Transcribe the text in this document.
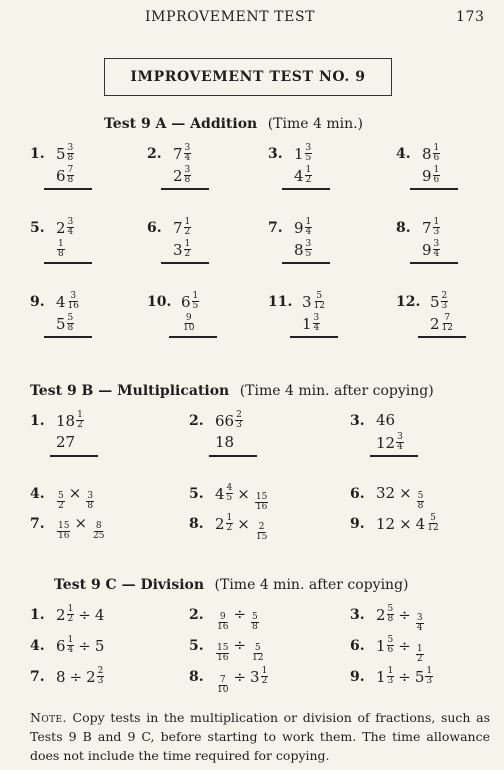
IMPROVEMENT TEST	173
IMPROVEMENT TEST NO. 9
Test 9 A — Addition (Time 4 min.)
Test 9 B — Multiplication (Time 4 min. after copying)
Test 9 C — Division (Time 4 min. after copying)
1. $5 \frac{3}{8}$
$6 \frac{7}{8}$
2. $7 \frac{3}{4}$
$2 \frac{3}{8}$
3. $1 \frac{3}{5}$
$4 \frac{1}{2}$
4. $8 \frac{1}{6}$
$9 \frac{1}{6}$
5. $2 \frac{3}{4}$
$\frac{1}{8}$
6. $7 \frac{1}{2}$
$3 \frac{1}{2}$
7. $9 \frac{1}{4}$
$8 \frac{3}{5}$
8. $7 \frac{1}{3}$
$9 \frac{3}{4}$
9. $4 \frac{3}{16}$
$5 \frac{5}{8}$
10. $6 \frac{1}{5}$
$\frac{9}{10}$
11. $3 \frac{5}{12}$
$1 \frac{3}{4}$
12. $5 \frac{2}{3}$
$2 \frac{7}{12}$
1. $18 \frac{1}{2}$
27
2. $66 \frac{2}{3}$
18
3. 46
$12 \frac{3}{4}$
4. $\frac{5}{2} \times \frac{3}{8}$	5. $4 \frac{4}{5} \times \frac{15}{16}$	6. $32 \times \frac{5}{8}$
7. $\frac{15}{16} \times \frac{8}{25}$	8. $2 \frac{1}{2} \times \frac{2}{15}$	9. $12 \times 4 \frac{5}{12}$
1. $2 \frac{1}{2} \div 4$	2. $\frac{9}{16} \div \frac{5}{8}$	3. $2 \frac{5}{8} \div \frac{3}{4}$
4. $6 \frac{1}{4} \div 5$	5. $\frac{15}{16} \div \frac{5}{12}$	6. $1 \frac{5}{6} \div \frac{1}{2}$
7. $8 \div 2 \frac{2}{3}$	8. $\frac{7}{10} \div 3 \frac{1}{2}$	9. $1 \frac{1}{3} \div 5 \frac{1}{3}$
Note. Copy tests in the multiplication or division of fractions, such as Tests 9 B and 9 C, before starting to work them. The time allowance does not include the time required for copying.
